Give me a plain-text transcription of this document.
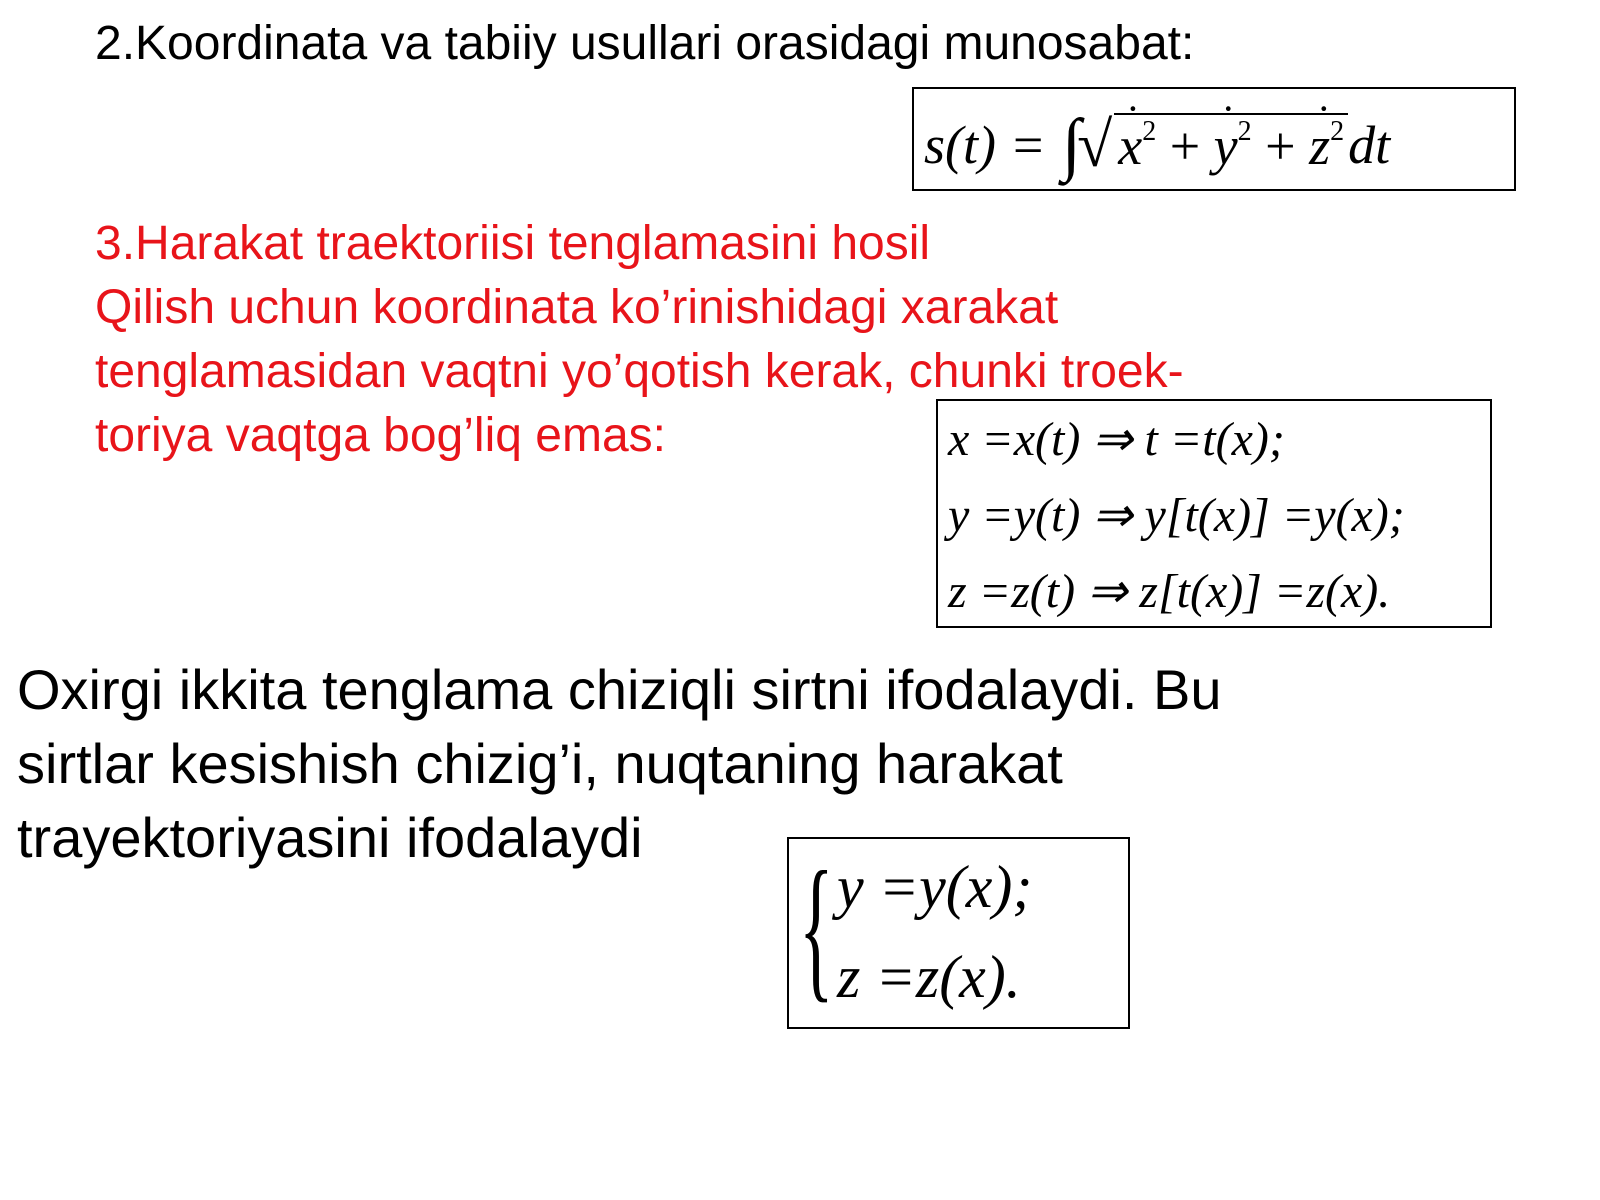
2.Koordinata va tabiiy usullari orasidagi munosabat:
s(t) = ∫
√ · $x^2$ + · $y^2$ + · $z^2$ dt
3.Harakat traektoriisi tenglamasini hosil
Qilish uchun koordinata ko’rinishidagi xarakat
tenglamasidan vaqtni yo’qotish kerak, chunki troek-
toriya vaqtga bog’liq emas:	x =x(t) ⇒ t =t(x);
y =y(t) ⇒ y[t(x)] =y(x);
z =z(t) ⇒ z[t(x)] =z(x).
Oxirgi ikkita tenglama chiziqli sirtni ifodalaydi. Bu
sirtlar kesishish chizig’i, nuqtaning harakat
trayektoriyasini ifodalaydi
{ y =y(x);
z =z(x).
